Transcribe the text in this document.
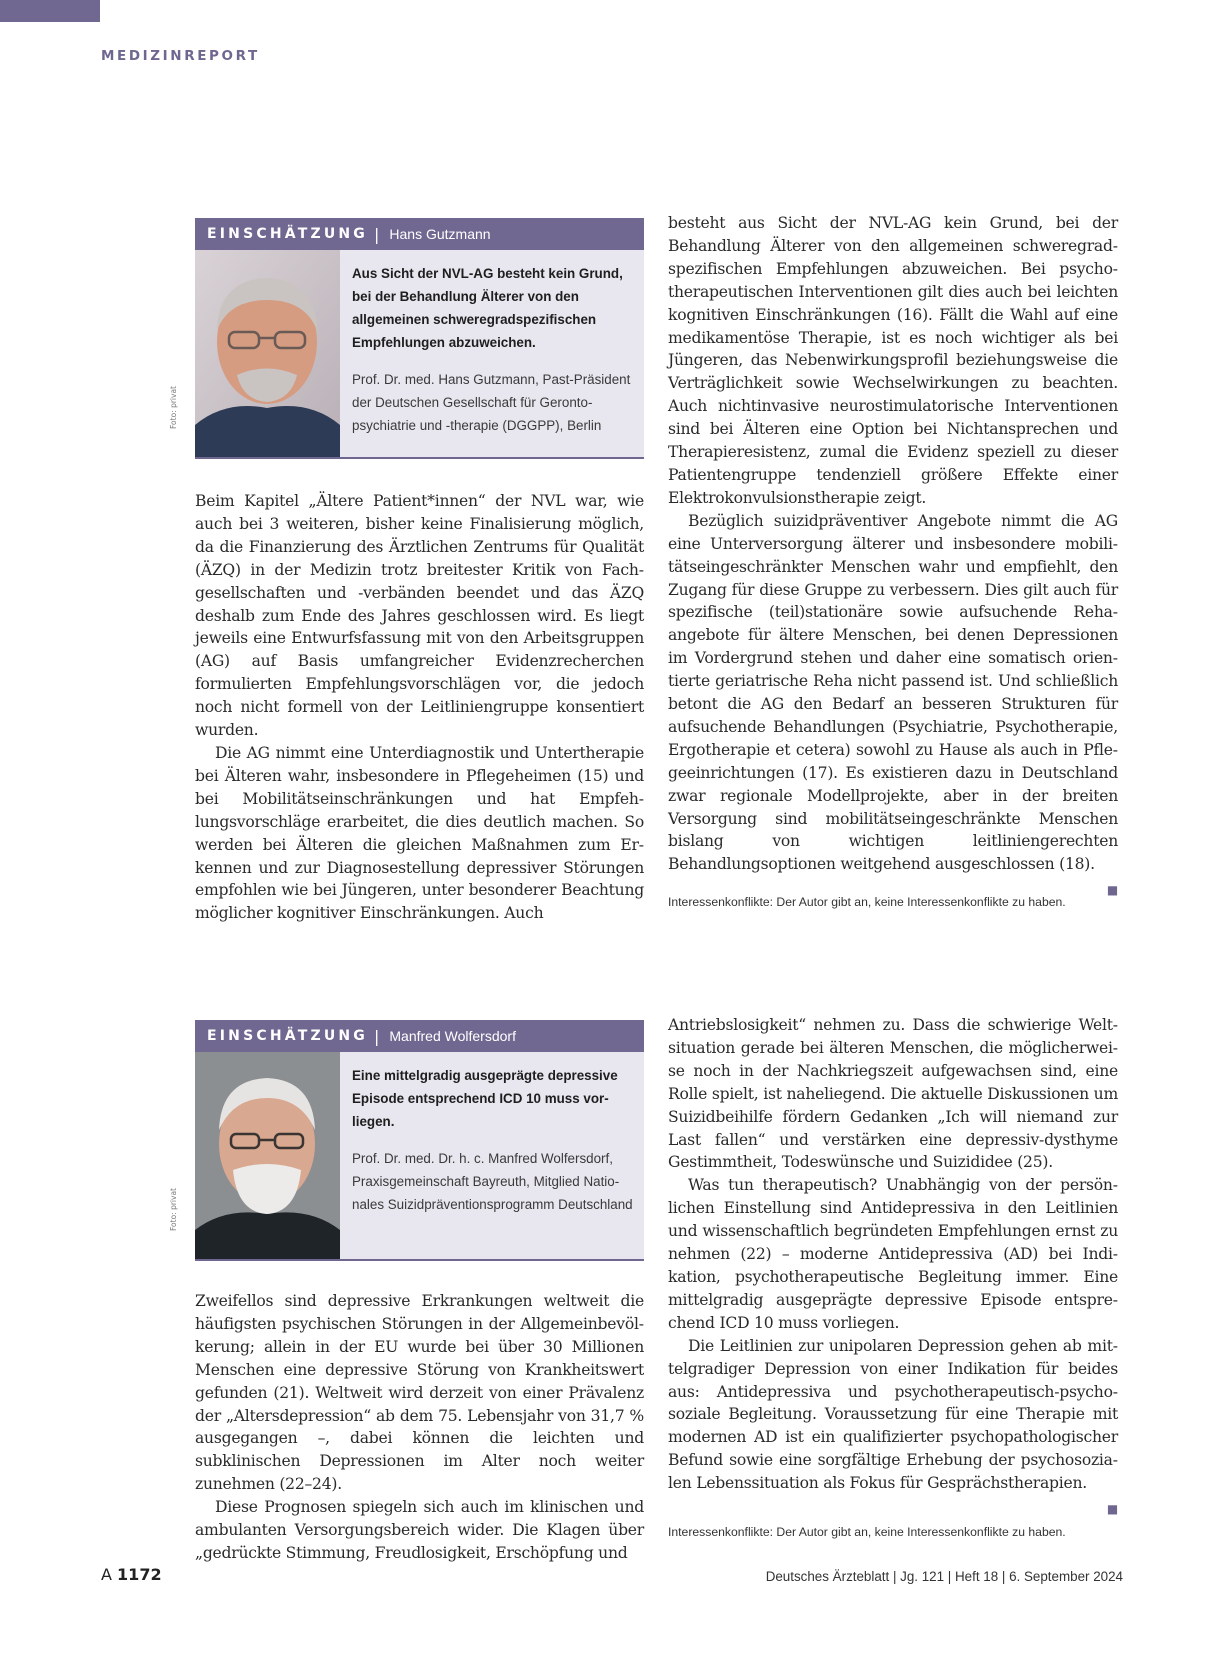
MEDIZINREPORT
EINSCHÄTZUNG | Hans Gutzmann

Aus Sicht der NVL-AG besteht kein Grund, bei der Behandlung Älterer von den allgemeinen schweregradspezifischen Empfehlungen abzuweichen.

Prof. Dr. med. Hans Gutzmann, Past-Präsident der Deutschen Gesellschaft für Gerontopsychiatrie und -therapie (DGGPP), Berlin

Foto: privat

Beim Kapitel „Ältere Patient*innen“ der NVL war, wie auch bei 3 weiteren, bisher keine Finalisierung möglich, da die Finanzierung des Ärztlichen Zentrums für Qualität (ÄZQ) in der Medizin trotz breitester Kritik von Fachgesellschaften und -verbänden beendet und das ÄZQ deshalb zum Ende des Jahres geschlossen wird. Es liegt jeweils eine Entwurfsfassung mit von den Arbeitsgruppen (AG) auf Basis umfangreicher Evidenzrecherchen formulierten Empfehlungsvorschlägen vor, die jedoch noch nicht formell von der Leitliniengruppe konsentiert wurden.

Die AG nimmt eine Unterdiagnostik und Untertherapie bei Älteren wahr, insbesondere in Pflegeheimen (15) und bei Mobilitätseinschränkungen und hat Empfehlungsvorschläge erarbeitet, die dies deutlich machen. So werden bei Älteren die gleichen Maßnahmen zum Erkennen und zur Diagnosestellung depressiver Störungen empfohlen wie bei Jüngeren, unter besonderer Beachtung möglicher kognitiver Einschränkungen. Auch

besteht aus Sicht der NVL-AG kein Grund, bei der Behandlung Älterer von den allgemeinen schweregradspezifischen Empfehlungen abzuweichen. Bei psychotherapeutischen Interventionen gilt dies auch bei leichten kognitiven Einschränkungen (16). Fällt die Wahl auf eine medikamentöse Therapie, ist es noch wichtiger als bei Jüngeren, das Nebenwirkungsprofil beziehungsweise die Verträglichkeit sowie Wechselwirkungen zu beachten. Auch nichtinvasive neurostimulatorische Interventionen sind bei Älteren eine Option bei Nichtansprechen und Therapieresistenz, zumal die Evidenz speziell zu dieser Patientengruppe tendenziell größere Effekte einer Elektrokonvulsionstherapie zeigt.

Bezüglich suizidpräventiver Angebote nimmt die AG eine Unterversorgung älterer und insbesondere mobilitätseingeschränkter Menschen wahr und empfiehlt, den Zugang für diese Gruppe zu verbessern. Dies gilt auch für spezifische (teil)stationäre sowie aufsuchende Rehaangebote für ältere Menschen, bei denen Depressionen im Vordergrund stehen und daher eine somatisch orientierte geriatrische Reha nicht passend ist. Und schließlich betont die AG den Bedarf an besseren Strukturen für aufsuchende Behandlungen (Psychiatrie, Psychotherapie, Ergotherapie et cetera) sowohl zu Hause als auch in Pflegeeinrichtungen (17). Es existieren dazu in Deutschland zwar regionale Modellprojekte, aber in der breiten Versorgung sind mobilitätseingeschränkte Menschen bislang von wichtigen leitliniengerechten Behandlungsoptionen weitgehend ausgeschlossen (18).
■

Interessenkonflikte: Der Autor gibt an, keine Interessenkonflikte zu haben.
EINSCHÄTZUNG | Manfred Wolfersdorf

Eine mittelgradig ausgeprägte depressive Episode entsprechend ICD 10 muss vorliegen.

Prof. Dr. med. Dr. h. c. Manfred Wolfersdorf, Praxisgemeinschaft Bayreuth, Mitglied Nationales Suizidpräventionsprogramm Deutschland

Foto: privat

Zweifellos sind depressive Erkrankungen weltweit die häufigsten psychischen Störungen in der Allgemeinbevölkerung; allein in der EU wurde bei über 30 Millionen Menschen eine depressive Störung von Krankheitswert gefunden (21). Weltweit wird derzeit von einer Prävalenz der „Altersdepression“ ab dem 75. Lebensjahr von 31,7 % ausgegangen –, dabei können die leichten und subklinischen Depressionen im Alter noch weiter zunehmen (22–24).

Diese Prognosen spiegeln sich auch im klinischen und ambulanten Versorgungsbereich wider. Die Klagen über „gedrückte Stimmung, Freudlosigkeit, Erschöpfung und

Antriebslosigkeit“ nehmen zu. Dass die schwierige Weltsituation gerade bei älteren Menschen, die möglicherweise noch in der Nachkriegszeit aufgewachsen sind, eine Rolle spielt, ist naheliegend. Die aktuelle Diskussionen um Suizidbeihilfe fördern Gedanken „Ich will niemand zur Last fallen“ und verstärken eine depressiv-dysthyme Gestimmtheit, Todeswünsche und Suizididee (25).

Was tun therapeutisch? Unabhängig von der persönlichen Einstellung sind Antidepressiva in den Leitlinien und wissenschaftlich begründeten Empfehlungen ernst zu nehmen (22) – moderne Antidepressiva (AD) bei Indikation, psychotherapeutische Begleitung immer. Eine mittelgradig ausgeprägte depressive Episode entsprechend ICD 10 muss vorliegen.

Die Leitlinien zur unipolaren Depression gehen ab mittelgradiger Depression von einer Indikation für beides aus: Antidepressiva und psychotherapeutisch-psychosoziale Begleitung. Voraussetzung für eine Therapie mit modernen AD ist ein qualifizierter psychopathologischer Befund sowie eine sorgfältige Erhebung der psychosozialen Lebenssituation als Fokus für Gesprächstherapien.
■

Interessenkonflikte: Der Autor gibt an, keine Interessenkonflikte zu haben.
A 1172	Deutsches Ärzteblatt | Jg. 121 | Heft 18 | 6. September 2024
